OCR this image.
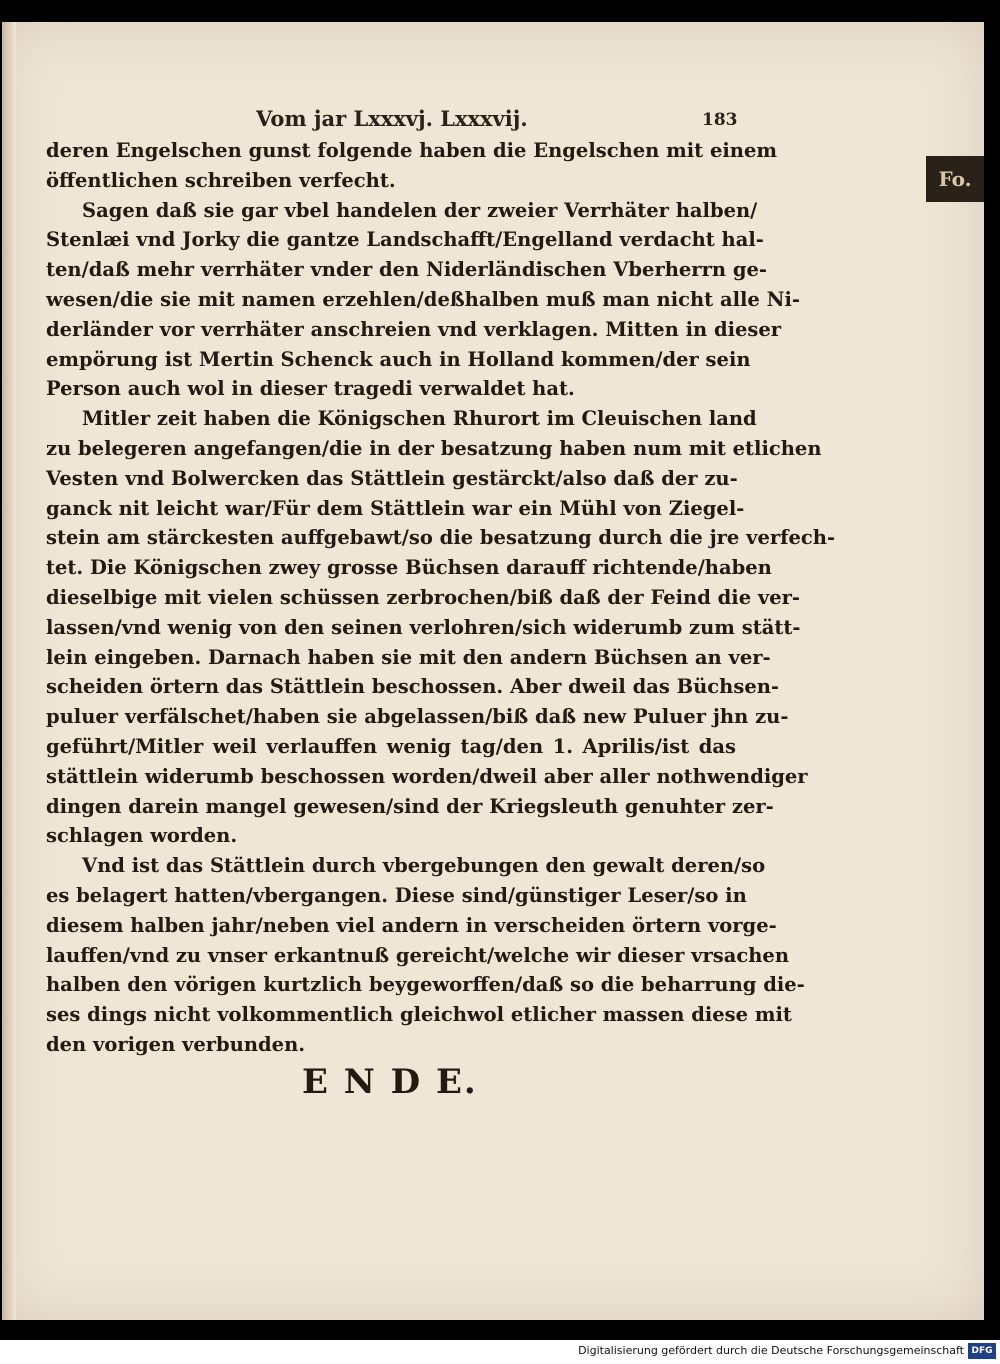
Vom jar Lxxxvj. Lxxxvij.	183
deren Engelschen gunst folgende haben die Engelschen mit einem
öffentlichen schreiben verfecht.
Sagen daß sie gar vbel handelen der zweier Verrhäter halben/
Stenlæi vnd Jorky die gantze Landschafft/Engelland verdacht hal-
ten/daß mehr verrhäter vnder den Niderländischen Vberherrn ge-
wesen/die sie mit namen erzehlen/deßhalben muß man nicht alle Ni-
derländer vor verrhäter anschreien vnd verklagen. Mitten in dieser
empörung ist Mertin Schenck auch in Holland kommen/der sein
Person auch wol in dieser tragedi verwaldet hat.
Mitler zeit haben die Königschen Rhurort im Cleuischen land
zu belegeren angefangen/die in der besatzung haben num mit etlichen
Vesten vnd Bolwercken das Stättlein gestärckt/also daß der zu-
ganck nit leicht war/Für dem Stättlein war ein Mühl von Ziegel-
stein am stärckesten auffgebawt/so die besatzung durch die jre verfech-
tet. Die Königschen zwey grosse Büchsen darauff richtende/haben
dieselbige mit vielen schüssen zerbrochen/biß daß der Feind die ver-
lassen/vnd wenig von den seinen verlohren/sich widerumb zum stätt-
lein eingeben. Darnach haben sie mit den andern Büchsen an ver-
scheiden örtern das Stättlein beschossen. Aber dweil das Büchsen-
puluer verfälschet/haben sie abgelassen/biß daß new Puluer jhn zu-
geführt/Mitler weil verlauffen wenig tag/den 1. Aprilis/ist das
stättlein widerumb beschossen worden/dweil aber aller nothwendiger
dingen darein mangel gewesen/sind der Kriegsleuth genuhter zer-
schlagen worden.
Vnd ist das Stättlein durch vbergebungen den gewalt deren/so
es belagert hatten/vbergangen. Diese sind/günstiger Leser/so in
diesem halben jahr/neben viel andern in verscheiden örtern vorge-
lauffen/vnd zu vnser erkantnuß gereicht/welche wir dieser vrsachen
halben den vörigen kurtzlich beygeworffen/daß so die beharrung die-
ses dings nicht volkommentlich gleichwol etlicher massen diese mit
den vorigen verbunden.
E N D E.
Fo.
Digitalisierung gefördert durch die Deutsche Forschungsgemeinschaft DFG
